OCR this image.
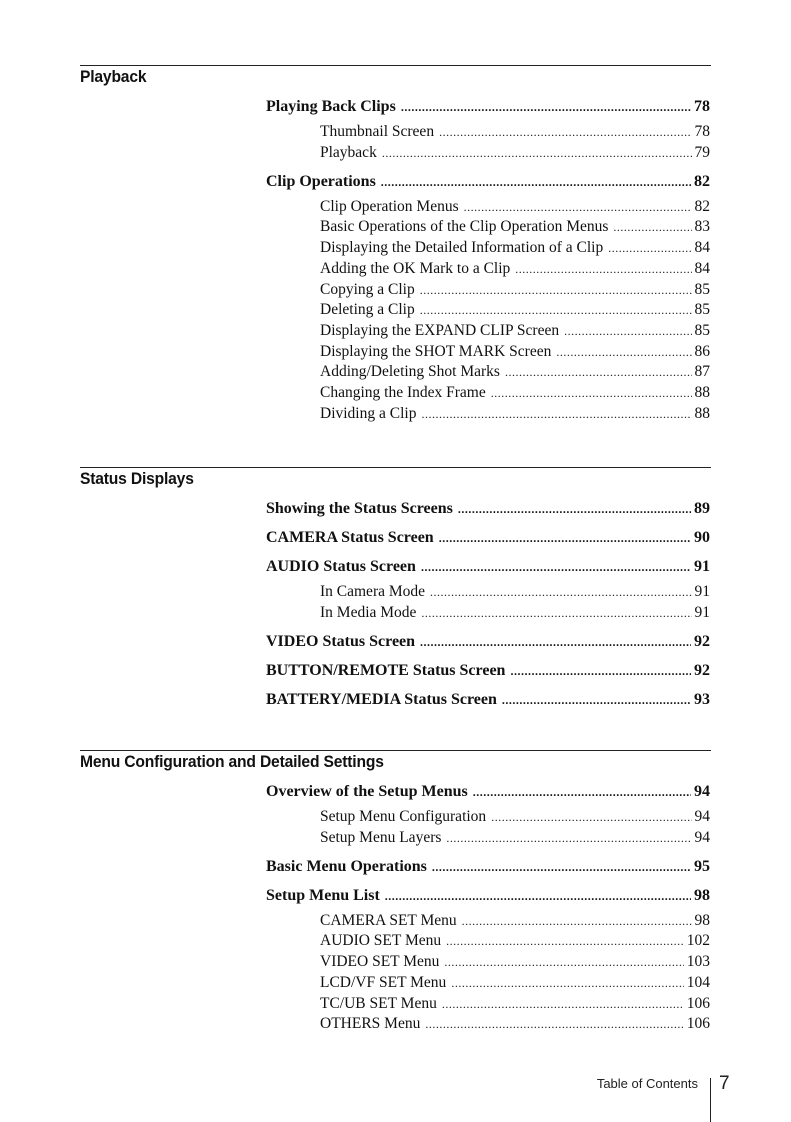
Playback
Playing Back Clips .....	78
Thumbnail Screen .....	78
Playback .....	79
Clip Operations .....	82
Clip Operation Menus .....	82
Basic Operations of the Clip Operation Menus .....	83
Displaying the Detailed Information of a Clip .....	84
Adding the OK Mark to a Clip .....	84
Copying a Clip .....	85
Deleting a Clip .....	85
Displaying the EXPAND CLIP Screen .....	85
Displaying the SHOT MARK Screen .....	86
Adding/Deleting Shot Marks .....	87
Changing the Index Frame .....	88
Dividing a Clip .....	88
Status Displays
Showing the Status Screens .....	89
CAMERA Status Screen .....	90
AUDIO Status Screen .....	91
In Camera Mode .....	91
In Media Mode .....	91
VIDEO Status Screen .....	92
BUTTON/REMOTE Status Screen .....	92
BATTERY/MEDIA Status Screen .....	93
Menu Configuration and Detailed Settings
Overview of the Setup Menus .....	94
Setup Menu Configuration .....	94
Setup Menu Layers .....	94
Basic Menu Operations .....	95
Setup Menu List .....	98
CAMERA SET Menu .....	98
AUDIO SET Menu .....	102
VIDEO SET Menu .....	103
LCD/VF SET Menu .....	104
TC/UB SET Menu .....	106
OTHERS Menu .....	106
Table of Contents 7
